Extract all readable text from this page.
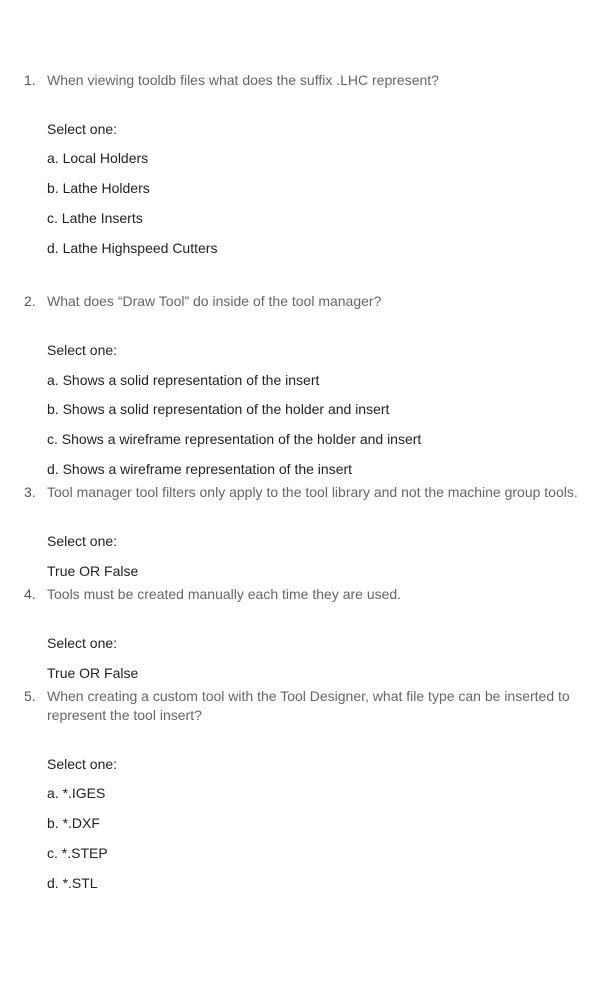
1. When viewing tooldb files what does the suffix .LHC represent?
Select one:
a. Local Holders
b. Lathe Holders
c. Lathe Inserts
d. Lathe Highspeed Cutters
2. What does “Draw Tool” do inside of the tool manager?
Select one:
a. Shows a solid representation of the insert
b. Shows a solid representation of the holder and insert
c. Shows a wireframe representation of the holder and insert
d. Shows a wireframe representation of the insert
3. Tool manager tool filters only apply to the tool library and not the machine group tools.
Select one:
True OR False
4. Tools must be created manually each time they are used.
Select one:
True OR False
5. When creating a custom tool with the Tool Designer, what file type can be inserted to represent the tool insert?
Select one:
a. *.IGES
b. *.DXF
c. *.STEP
d. *.STL
